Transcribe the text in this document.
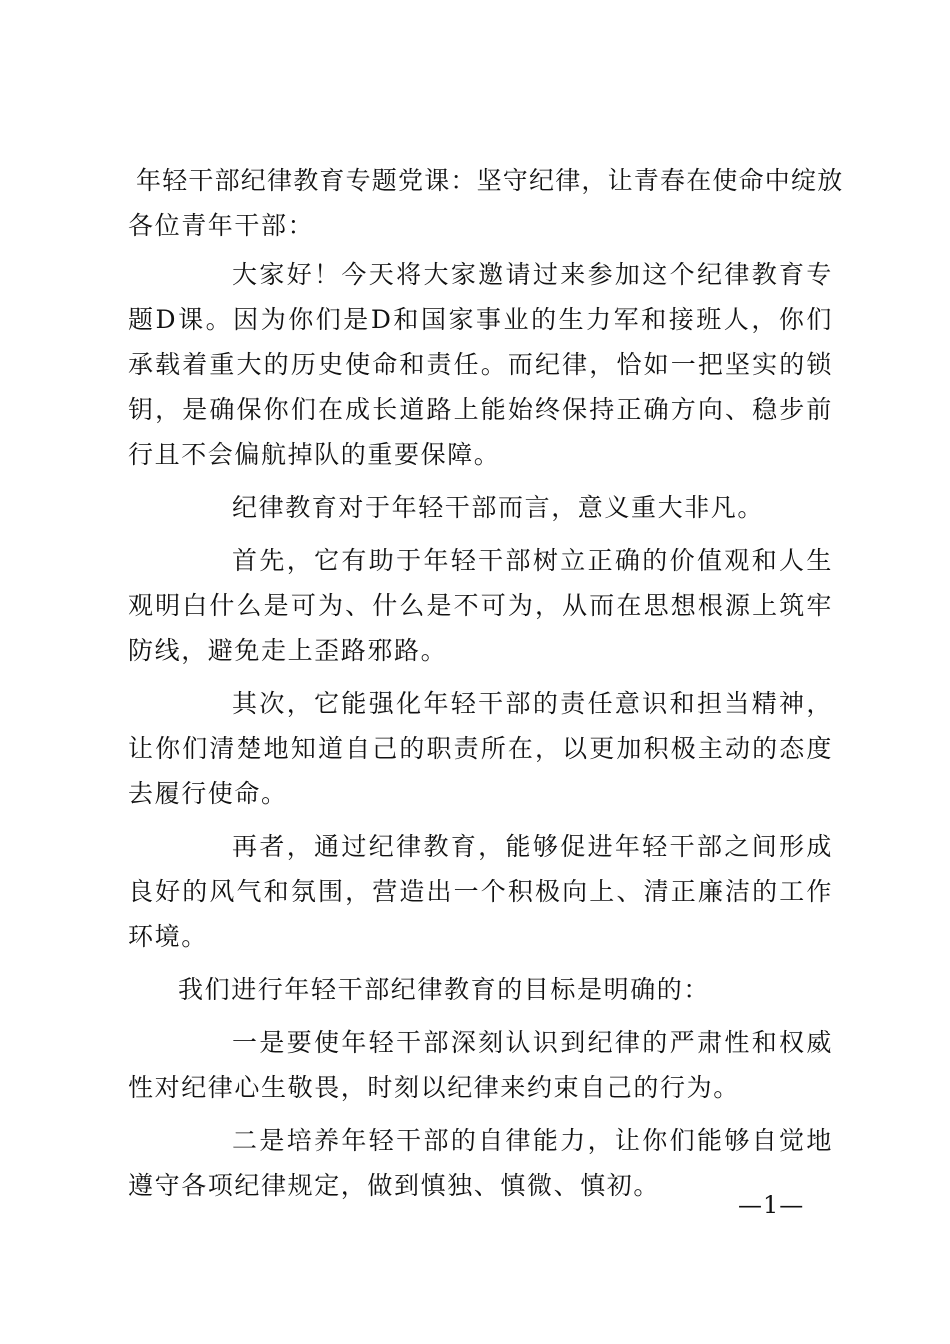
年轻干部纪律教育专题党课：坚守纪律，让青春在使命中绽放

各位青年干部：

大家好！今天将大家邀请过来参加这个纪律教育专题D课。因为你们是D和国家事业的生力军和接班人，你们承载着重大的历史使命和责任。而纪律，恰如一把坚实的锁钥，是确保你们在成长道路上能始终保持正确方向、稳步前行且不会偏航掉队的重要保障。

纪律教育对于年轻干部而言，意义重大非凡。

首先，它有助于年轻干部树立正确的价值观和人生观明白什么是可为、什么是不可为，从而在思想根源上筑牢防线，避免走上歪路邪路。

其次，它能强化年轻干部的责任意识和担当精神，让你们清楚地知道自己的职责所在，以更加积极主动的态度去履行使命。

再者，通过纪律教育，能够促进年轻干部之间形成良好的风气和氛围，营造出一个积极向上、清正廉洁的工作环境。

我们进行年轻干部纪律教育的目标是明确的：

一是要使年轻干部深刻认识到纪律的严肃性和权威性对纪律心生敬畏，时刻以纪律来约束自己的行为。

二是培养年轻干部的自律能力，让你们能够自觉地遵守各项纪律规定，做到慎独、慎微、慎初。

—1—
